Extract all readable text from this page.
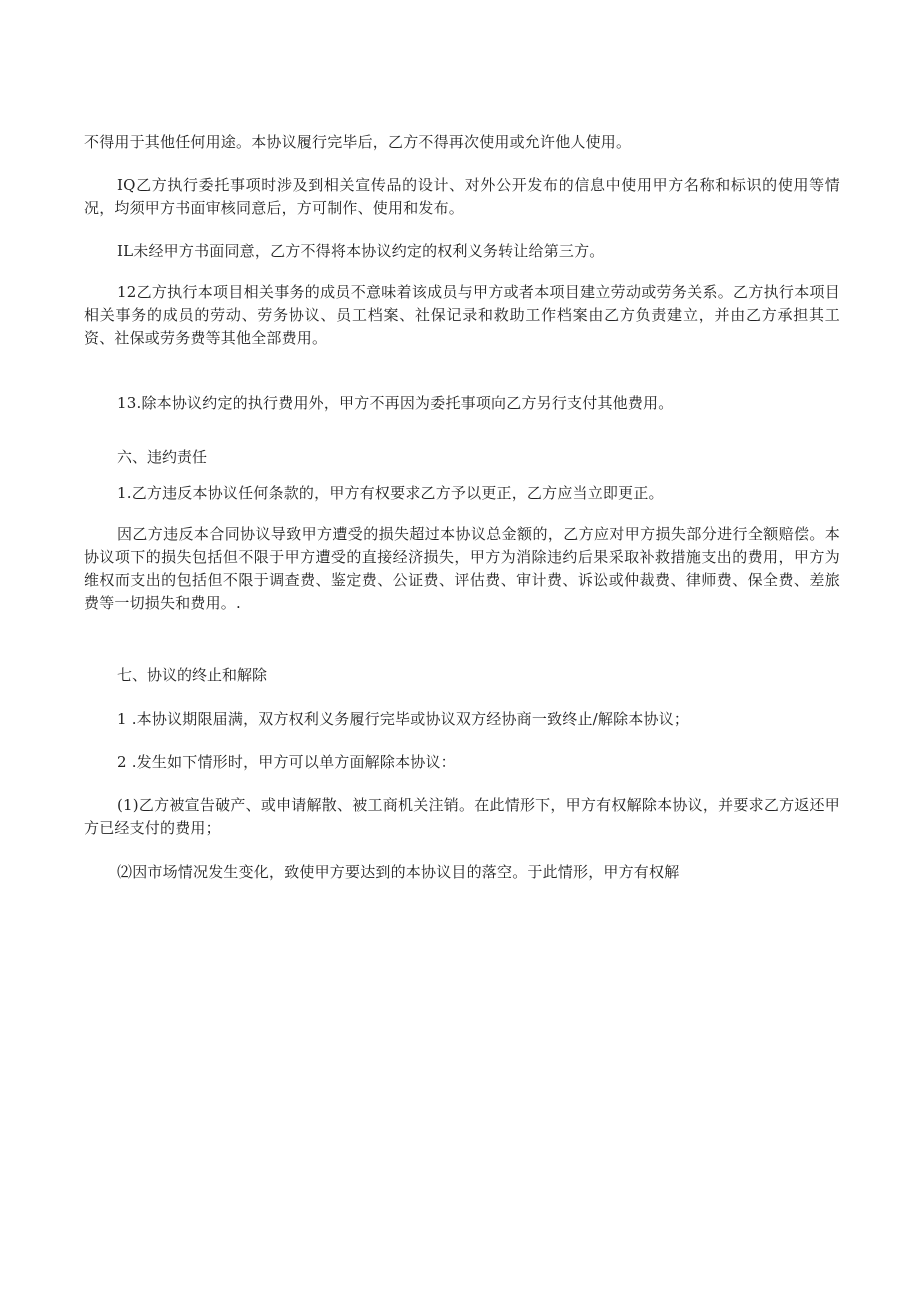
不得用于其他任何用途。本协议履行完毕后，乙方不得再次使用或允许他人使用。

IQ乙方执行委托事项时涉及到相关宣传品的设计、对外公开发布的信息中使用甲方名称和标识的使用等情况，均须甲方书面审核同意后，方可制作、使用和发布。

IL未经甲方书面同意，乙方不得将本协议约定的权利义务转让给第三方。

12乙方执行本项目相关事务的成员不意味着该成员与甲方或者本项目建立劳动或劳务关系。乙方执行本项目相关事务的成员的劳动、劳务协议、员工档案、社保记录和救助工作档案由乙方负责建立，并由乙方承担其工资、社保或劳务费等其他全部费用。

13.除本协议约定的执行费用外，甲方不再因为委托事项向乙方另行支付其他费用。

六、违约责任

1.乙方违反本协议任何条款的，甲方有权要求乙方予以更正，乙方应当立即更正。

因乙方违反本合同协议导致甲方遭受的损失超过本协议总金额的，乙方应对甲方损失部分进行全额赔偿。本协议项下的损失包括但不限于甲方遭受的直接经济损失，甲方为消除违约后果采取补救措施支出的费用，甲方为维权而支出的包括但不限于调查费、鉴定费、公证费、评估费、审计费、诉讼或仲裁费、律师费、保全费、差旅费等一切损失和费用。.

七、协议的终止和解除

1 .本协议期限届满，双方权利义务履行完毕或协议双方经协商一致终止/解除本协议；

2 .发生如下情形时，甲方可以单方面解除本协议：

(1)乙方被宣告破产、或申请解散、被工商机关注销。在此情形下，甲方有权解除本协议，并要求乙方返还甲方已经支付的费用；

⑵因市场情况发生变化，致使甲方要达到的本协议目的落空。于此情形，甲方有权解
